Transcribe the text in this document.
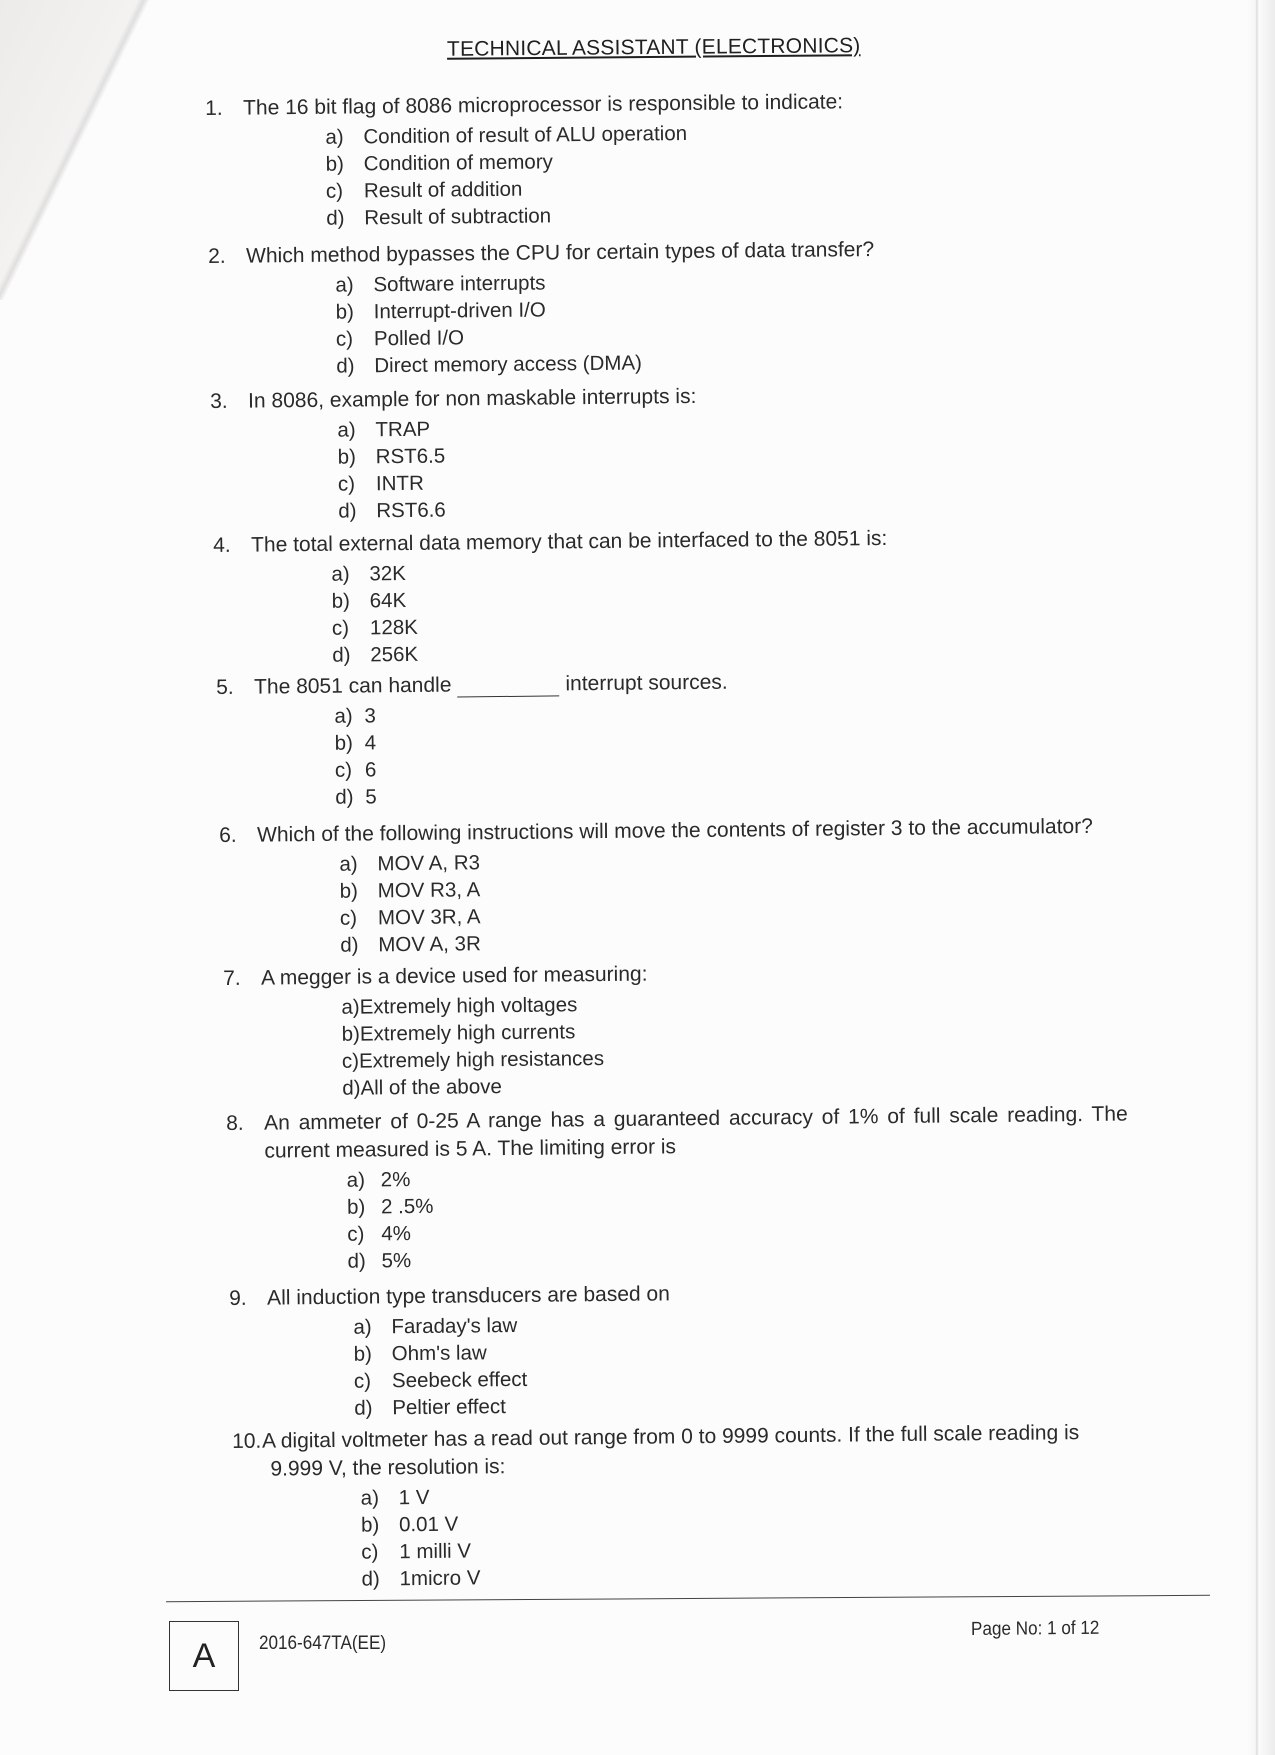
TECHNICAL ASSISTANT (ELECTRONICS)
1. The 16 bit flag of 8086 microprocessor is responsible to indicate:
a) Condition of result of ALU operation
b) Condition of memory
c) Result of addition
d) Result of subtraction
2. Which method bypasses the CPU for certain types of data transfer?
a) Software interrupts
b) Interrupt-driven I/O
c) Polled I/O
d) Direct memory access (DMA)
3. In 8086, example for non maskable interrupts is:
a) TRAP
b) RST6.5
c) INTR
d) RST6.6
4. The total external data memory that can be interfaced to the 8051 is:
a) 32K
b) 64K
c) 128K
d) 256K
5. The 8051 can handle	interrupt sources.
a) 3
b) 4
c) 6
d) 5
6. Which of the following instructions will move the contents of register 3 to the accumulator?
a) MOV A, R3
b) MOV R3, A
c) MOV 3R, A
d) MOV A, 3R
7. A megger is a device used for measuring:
a)Extremely high voltages
b)Extremely high currents
c)Extremely high resistances
d)All of the above
8. An ammeter of 0-25 A range has a guaranteed accuracy of 1% of full scale reading. The
current measured is 5 A. The limiting error is
a) 2%
b) 2 .5%
c) 4%
d) 5%
9. All induction type transducers are based on
a) Faraday's law
b) Ohm's law
c) Seebeck effect
d) Peltier effect
10. A digital voltmeter has a read out range from 0 to 9999 counts. If the full scale reading is
9.999 V, the resolution is:
a) 1 V
b) 0.01 V
c) 1 milli V
d) 1micro V
A	2016-647TA(EE)
Page No: 1 of 12
